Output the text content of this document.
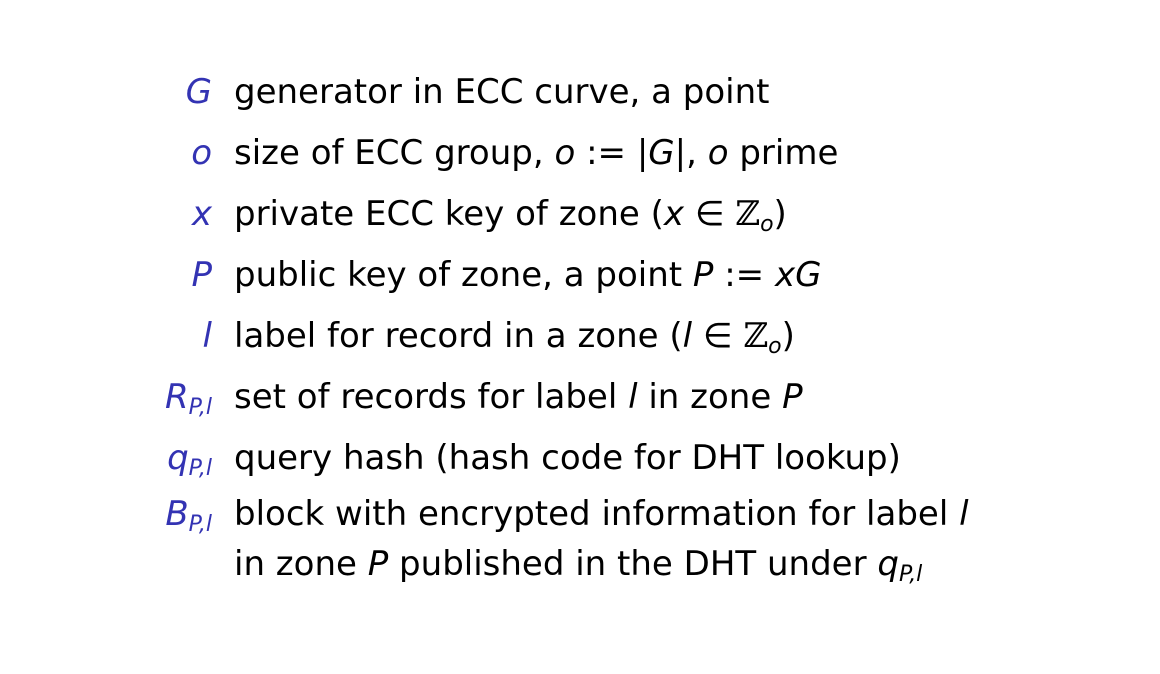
G generator in ECC curve, a point
o size of ECC group, o := |G|, o prime
x private ECC key of zone (x ∈ ℤo)
P public key of zone, a point P := xG
l label for record in a zone (l ∈ ℤo)
$R_{P,l}$ set of records for label l in zone P
$q_{P,l}$ query hash (hash code for DHT lookup)
$B_{P,l}$ block with encrypted information for label l
in zone P published in the DHT under qP,l
